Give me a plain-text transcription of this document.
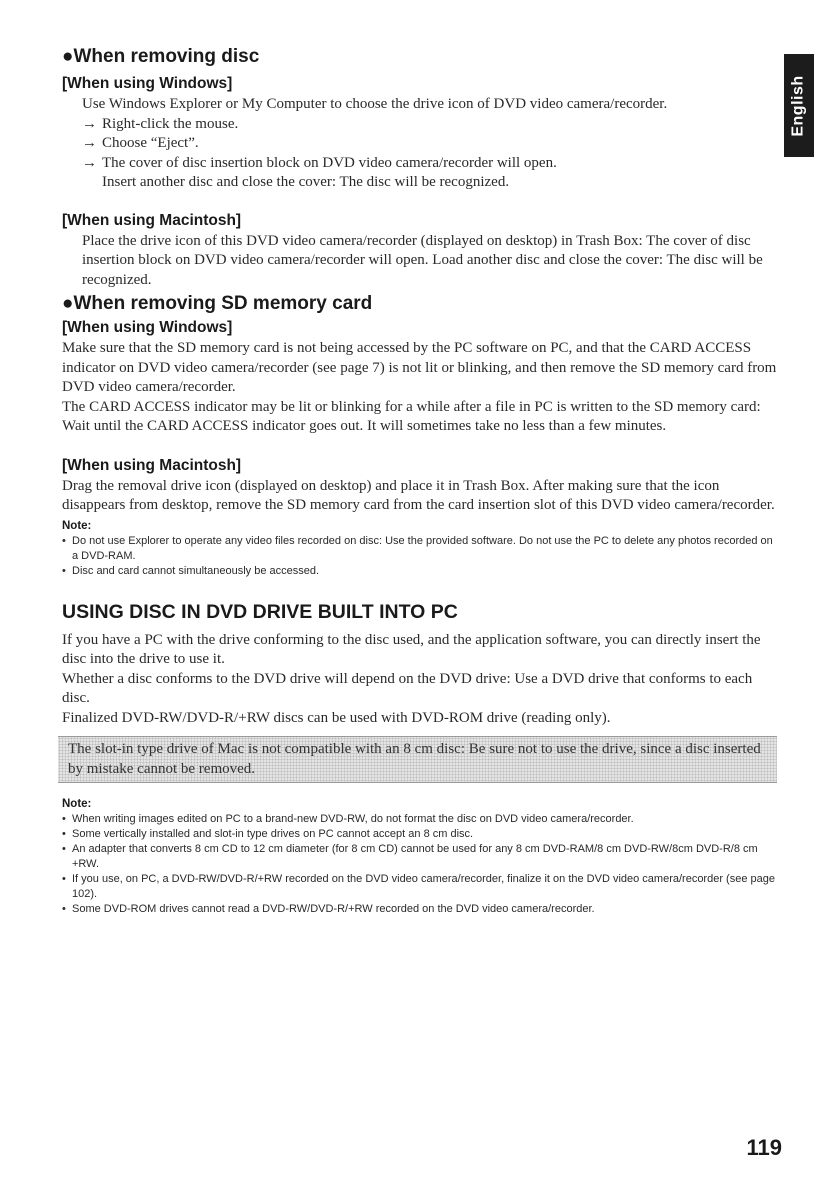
English
●When removing disc
[When using Windows]

Use Windows Explorer or My Computer to choose the drive icon of DVD video camera/recorder.

→ Right-click the mouse.
→ Choose “Eject”.
→ The cover of disc insertion block on DVD video camera/recorder will open.

Insert another disc and close the cover: The disc will be recognized.

[When using Macintosh]

Place the drive icon of this DVD video camera/recorder (displayed on desktop) in Trash Box: The cover of disc insertion block on DVD video camera/recorder will open. Load another disc and close the cover: The disc will be recognized.

●When removing SD memory card
[When using Windows]

Make sure that the SD memory card is not being accessed by the PC software on PC, and that the CARD ACCESS indicator on DVD video camera/recorder (see page 7) is not lit or blinking, and then remove the SD memory card from DVD video camera/recorder.

The CARD ACCESS indicator may be lit or blinking for a while after a file in PC is written to the SD memory card: Wait until the CARD ACCESS indicator goes out. It will sometimes take no less than a few minutes.

[When using Macintosh]

Drag the removal drive icon (displayed on desktop) and place it in Trash Box. After making sure that the icon disappears from desktop, remove the SD memory card from the card insertion slot of this DVD video camera/recorder.

Note:

• Do not use Explorer to operate any video files recorded on disc: Use the provided software. Do not use the PC to delete any photos recorded on a DVD-RAM.
• Disc and card cannot simultaneously be accessed.
USING DISC IN DVD DRIVE BUILT INTO PC

If you have a PC with the drive conforming to the disc used, and the application software, you can directly insert the disc into the drive to use it.

Whether a disc conforms to the DVD drive will depend on the DVD drive: Use a DVD drive that conforms to each disc.

Finalized DVD-RW/DVD-R/+RW discs can be used with DVD-ROM drive (reading only).

The slot-in type drive of Mac is not compatible with an 8 cm disc: Be sure not to use the drive, since a disc inserted by mistake cannot be removed.

Note:

• When writing images edited on PC to a brand-new DVD-RW, do not format the disc on DVD video camera/recorder.
• Some vertically installed and slot-in type drives on PC cannot accept an 8 cm disc.
• An adapter that converts 8 cm CD to 12 cm diameter (for 8 cm CD) cannot be used for any 8 cm DVD-RAM/8 cm DVD-RW/8cm DVD-R/8 cm +RW.
• If you use, on PC, a DVD-RW/DVD-R/+RW recorded on the DVD video camera/recorder, finalize it on the DVD video camera/recorder (see page 102).
• Some DVD-ROM drives cannot read a DVD-RW/DVD-R/+RW recorded on the DVD video camera/recorder.
119
